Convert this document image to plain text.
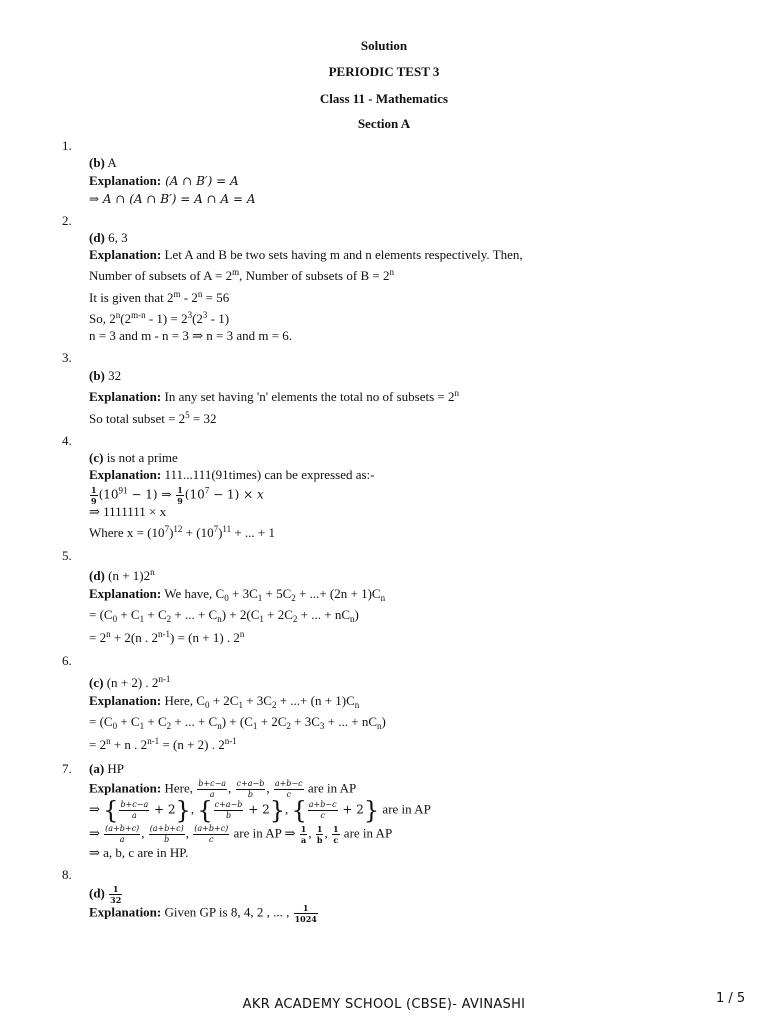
Solution
PERIODIC TEST 3
Class 11 - Mathematics
Section A
1.
(b) A
Explanation: (A ∩ B′) = A
⇒ A ∩ (A ∩ B′) = A ∩ A = A
2.
(d) 6, 3
Explanation: Let A and B be two sets having m and n elements respectively. Then,
Number of subsets of $A = 2^m$, Number of subsets of $B = 2^n$
It is given that $2^m - 2^n = 56$
So, $2^n(2^{m-n} - 1) = 2^3(2^3 - 1)$
n = 3 and m - n = 3 ⇒ n = 3 and m = 6.
3.
(b) 32
Explanation: In any set having 'n' elements the total no of subsets = $2^n$
So total subset = $2^5 = 32$
4.
(c) is not a prime
Explanation: 111...111(91times) can be expressed as:-
$\frac{1}{9} (10^{91} - 1)$ ⇒ $\frac{1}{9} (10^7 - 1) \times x$
⇒ 1111111 × x
Where $x = (10^7)^{12} + (10^7)^{11}$ + ... + 1
5.
(d) $(n + 1)2^n$
Explanation: We have, $C_0 + 3C_1 + 5C_2$ + ...+ $(2n + 1)C_n$
= ($C_0 + C_1 + C_2$ + ... + $C_n) + 2(C_1 + 2C_2$ + ... + $nC_n$)
= $2^n + 2(n$ . $2^{n-1}) = (n + 1)$ . 2$^n$
6.
(c) (n + 2) . 2$^{n-1}$
Explanation: Here, $C_0 + 2C_1 + 3C_2$ + ...+ $(n + 1)C_n$
= ($C_0 + C_1 + C_2$ + ... + $C_n) + (C_1 + 2C_2 + 3C_3$ + ... + $nC_n$)
= $2^n + n$ . $2^{n-1} = (n + 2)$ . 2$^{n-1}$
7. (a) HP
Explanation: Here, $\frac{b+c-a}{a}$ , $\frac{c+a-b}{b}$ , $\frac{a+b-c}{c}$ are in AP
⇒ { $\frac{b+c-a}{a} + 2$}, { $\frac{c+a-b}{b} + 2$}, { $\frac{a+b-c}{c} + 2$} are in AP
⇒ $\frac{(a+b+c)}{a}$ , $\frac{(a+b+c)}{b}$ , $\frac{(a+b+c)}{c}$ are in AP ⇒ $\frac{1}{a}$ , $\frac{1}{b}$ , $\frac{1}{c}$ are in AP
⇒ a, b, c are in HP.
8.
$(d) \frac{1}{32}$
Explanation: Given GP is 8, 4, 2 , ... , $\frac{1}{1024}$
AKR ACADEMY SCHOOL (CBSE)- AVINASHI	1 / 5
